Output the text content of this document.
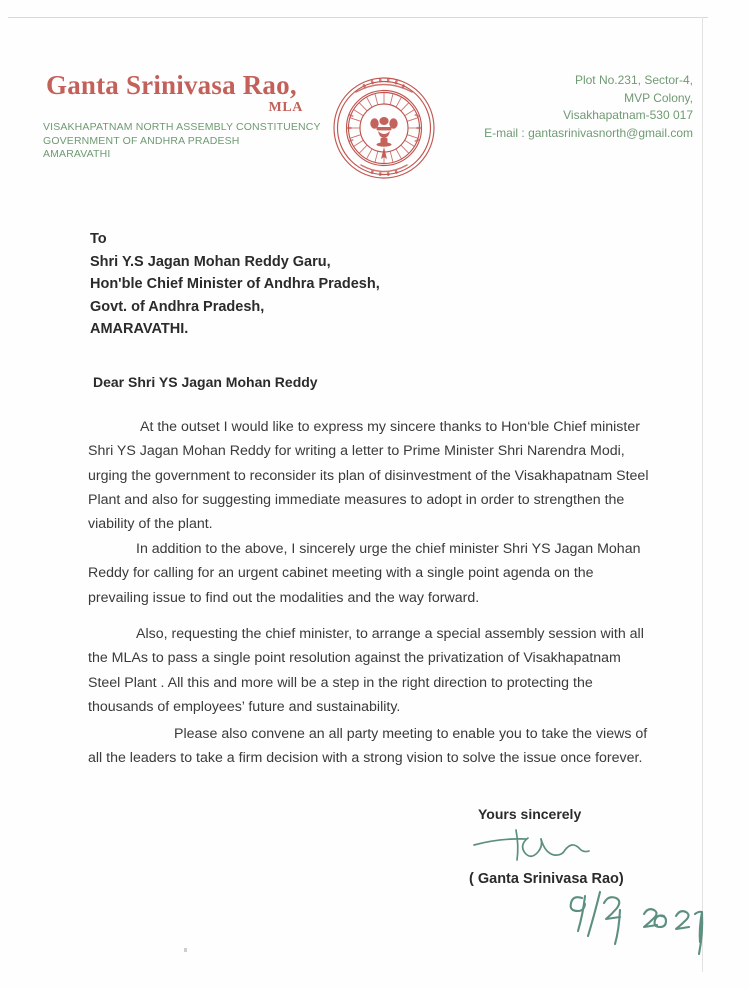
Ganta Srinivasa Rao,
MLA
VISAKHAPATNAM NORTH ASSEMBLY CONSTITUENCY
GOVERNMENT OF ANDHRA PRADESH
AMARAVATHI
Plot No.231, Sector-4,
MVP Colony,
Visakhapatnam-530 017
E-mail : gantasrinivasnorth@gmail.com
To
Shri Y.S Jagan Mohan Reddy Garu,
Hon'ble Chief Minister of Andhra Pradesh,
Govt. of Andhra Pradesh,
AMARAVATHI.
Dear Shri YS Jagan Mohan Reddy
At the outset I would like to express my sincere thanks to Hon‘ble Chief minister Shri YS Jagan Mohan Reddy for writing a letter to Prime Minister Shri Narendra Modi, urging the government to reconsider its plan of disinvestment of the Visakhapatnam Steel Plant and also for suggesting immediate measures to adopt in order to strengthen the viability of the plant.
In addition to the above, I sincerely urge the chief minister Shri YS Jagan Mohan Reddy for calling for an urgent cabinet meeting with a single point agenda on the prevailing issue to find out the modalities and the way forward.
Also, requesting the chief minister, to arrange a special assembly session with all the MLAs to pass a single point resolution against the privatization of Visakhapatnam Steel Plant . All this and more will be a step in the right direction to protecting the thousands of employees’ future and sustainability.
Please also convene an all party meeting to enable you to take the views of all the leaders to take a firm decision with a strong vision to solve the issue once forever.
Yours sincerely
( Ganta Srinivasa Rao)
